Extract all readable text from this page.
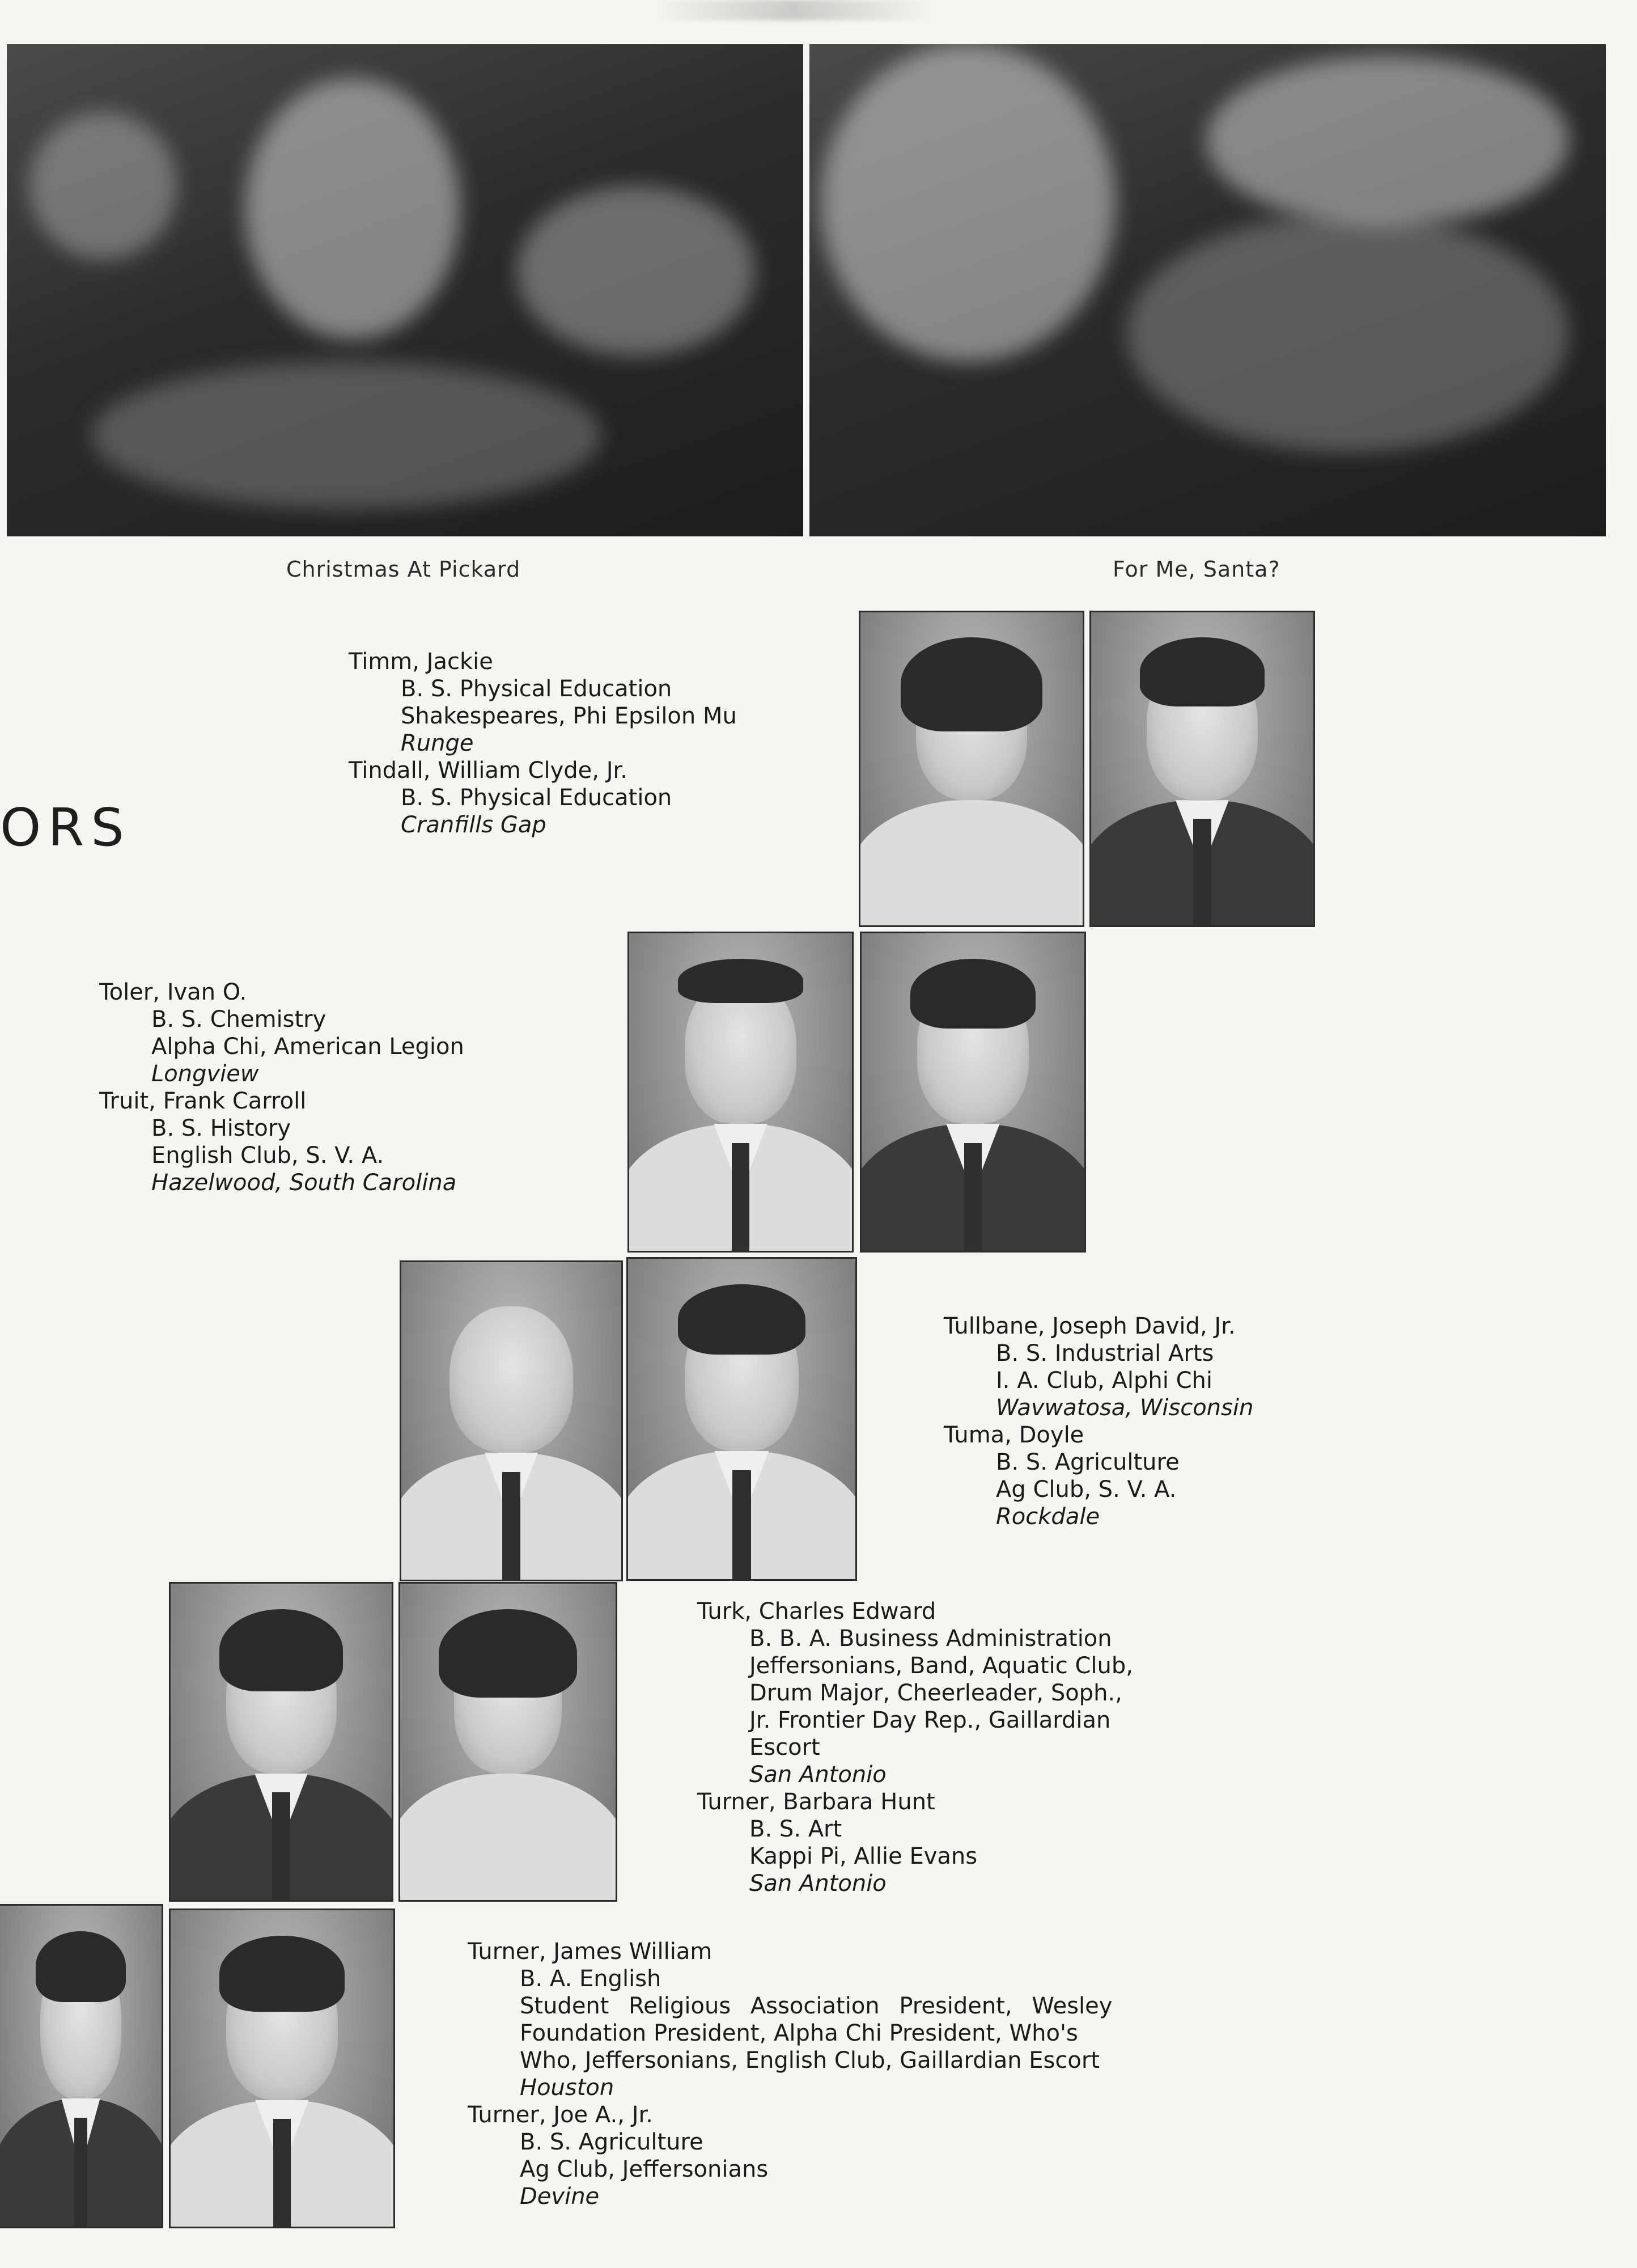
Christmas At Pickard	For Me, Santa?
ORS
Timm, Jackie
B. S. Physical Education
Shakespeares, Phi Epsilon Mu
Runge
Tindall, William Clyde, Jr.
B. S. Physical Education
Cranfills Gap
Toler, Ivan O.
B. S. Chemistry
Alpha Chi, American Legion
Longview
Truit, Frank Carroll
B. S. History
English Club, S. V. A.
Hazelwood, South Carolina
Tullbane, Joseph David, Jr.
B. S. Industrial Arts
I. A. Club, Alphi Chi
Wavwatosa, Wisconsin
Tuma, Doyle
B. S. Agriculture
Ag Club, S. V. A.
Rockdale
Turk, Charles Edward
B. B. A. Business Administration
Jeffersonians, Band, Aquatic Club,
Drum Major, Cheerleader, Soph.,
Jr. Frontier Day Rep., Gaillardian
Escort
San Antonio
Turner, Barbara Hunt
B. S. Art
Kappi Pi, Allie Evans
San Antonio
Turner, James William
B. A. English
Student Religious Association President, Wesley
Foundation President, Alpha Chi President, Who's
Who, Jeffersonians, English Club, Gaillardian Escort
Houston
Turner, Joe A., Jr.
B. S. Agriculture
Ag Club, Jeffersonians
Devine
